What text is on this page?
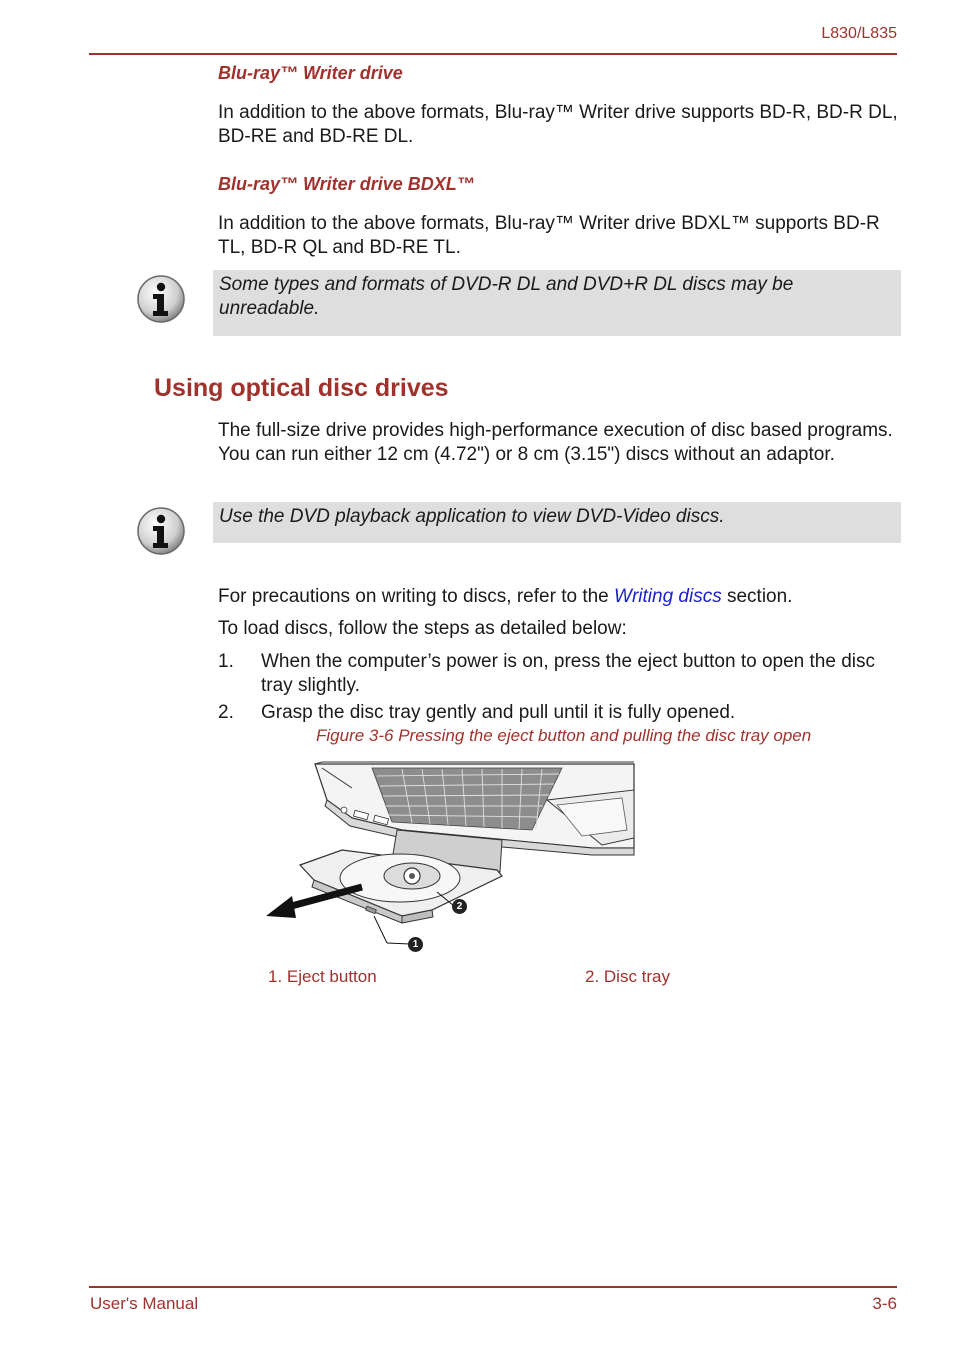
L830/L835
Blu-ray™ Writer drive
In addition to the above formats, Blu-ray™ Writer drive supports BD-R, BD-R DL, BD-RE and BD-RE DL.
Blu-ray™ Writer drive BDXL™
In addition to the above formats, Blu-ray™ Writer drive BDXL™ supports BD-R TL, BD-R QL and BD-RE TL.
Some types and formats of DVD-R DL and DVD+R DL discs may be unreadable.
Using optical disc drives
The full-size drive provides high-performance execution of disc based programs. You can run either 12 cm (4.72") or 8 cm (3.15") discs without an adaptor.
Use the DVD playback application to view DVD-Video discs.
For precautions on writing to discs, refer to the Writing discs section.
To load discs, follow the steps as detailed below:
1. When the computer’s power is on, press the eject button to open the disc tray slightly.
2. Grasp the disc tray gently and pull until it is fully opened.
Figure 3-6 Pressing the eject button and pulling the disc tray open
2
1
1. Eject button	2. Disc tray
User's Manual	3-6
